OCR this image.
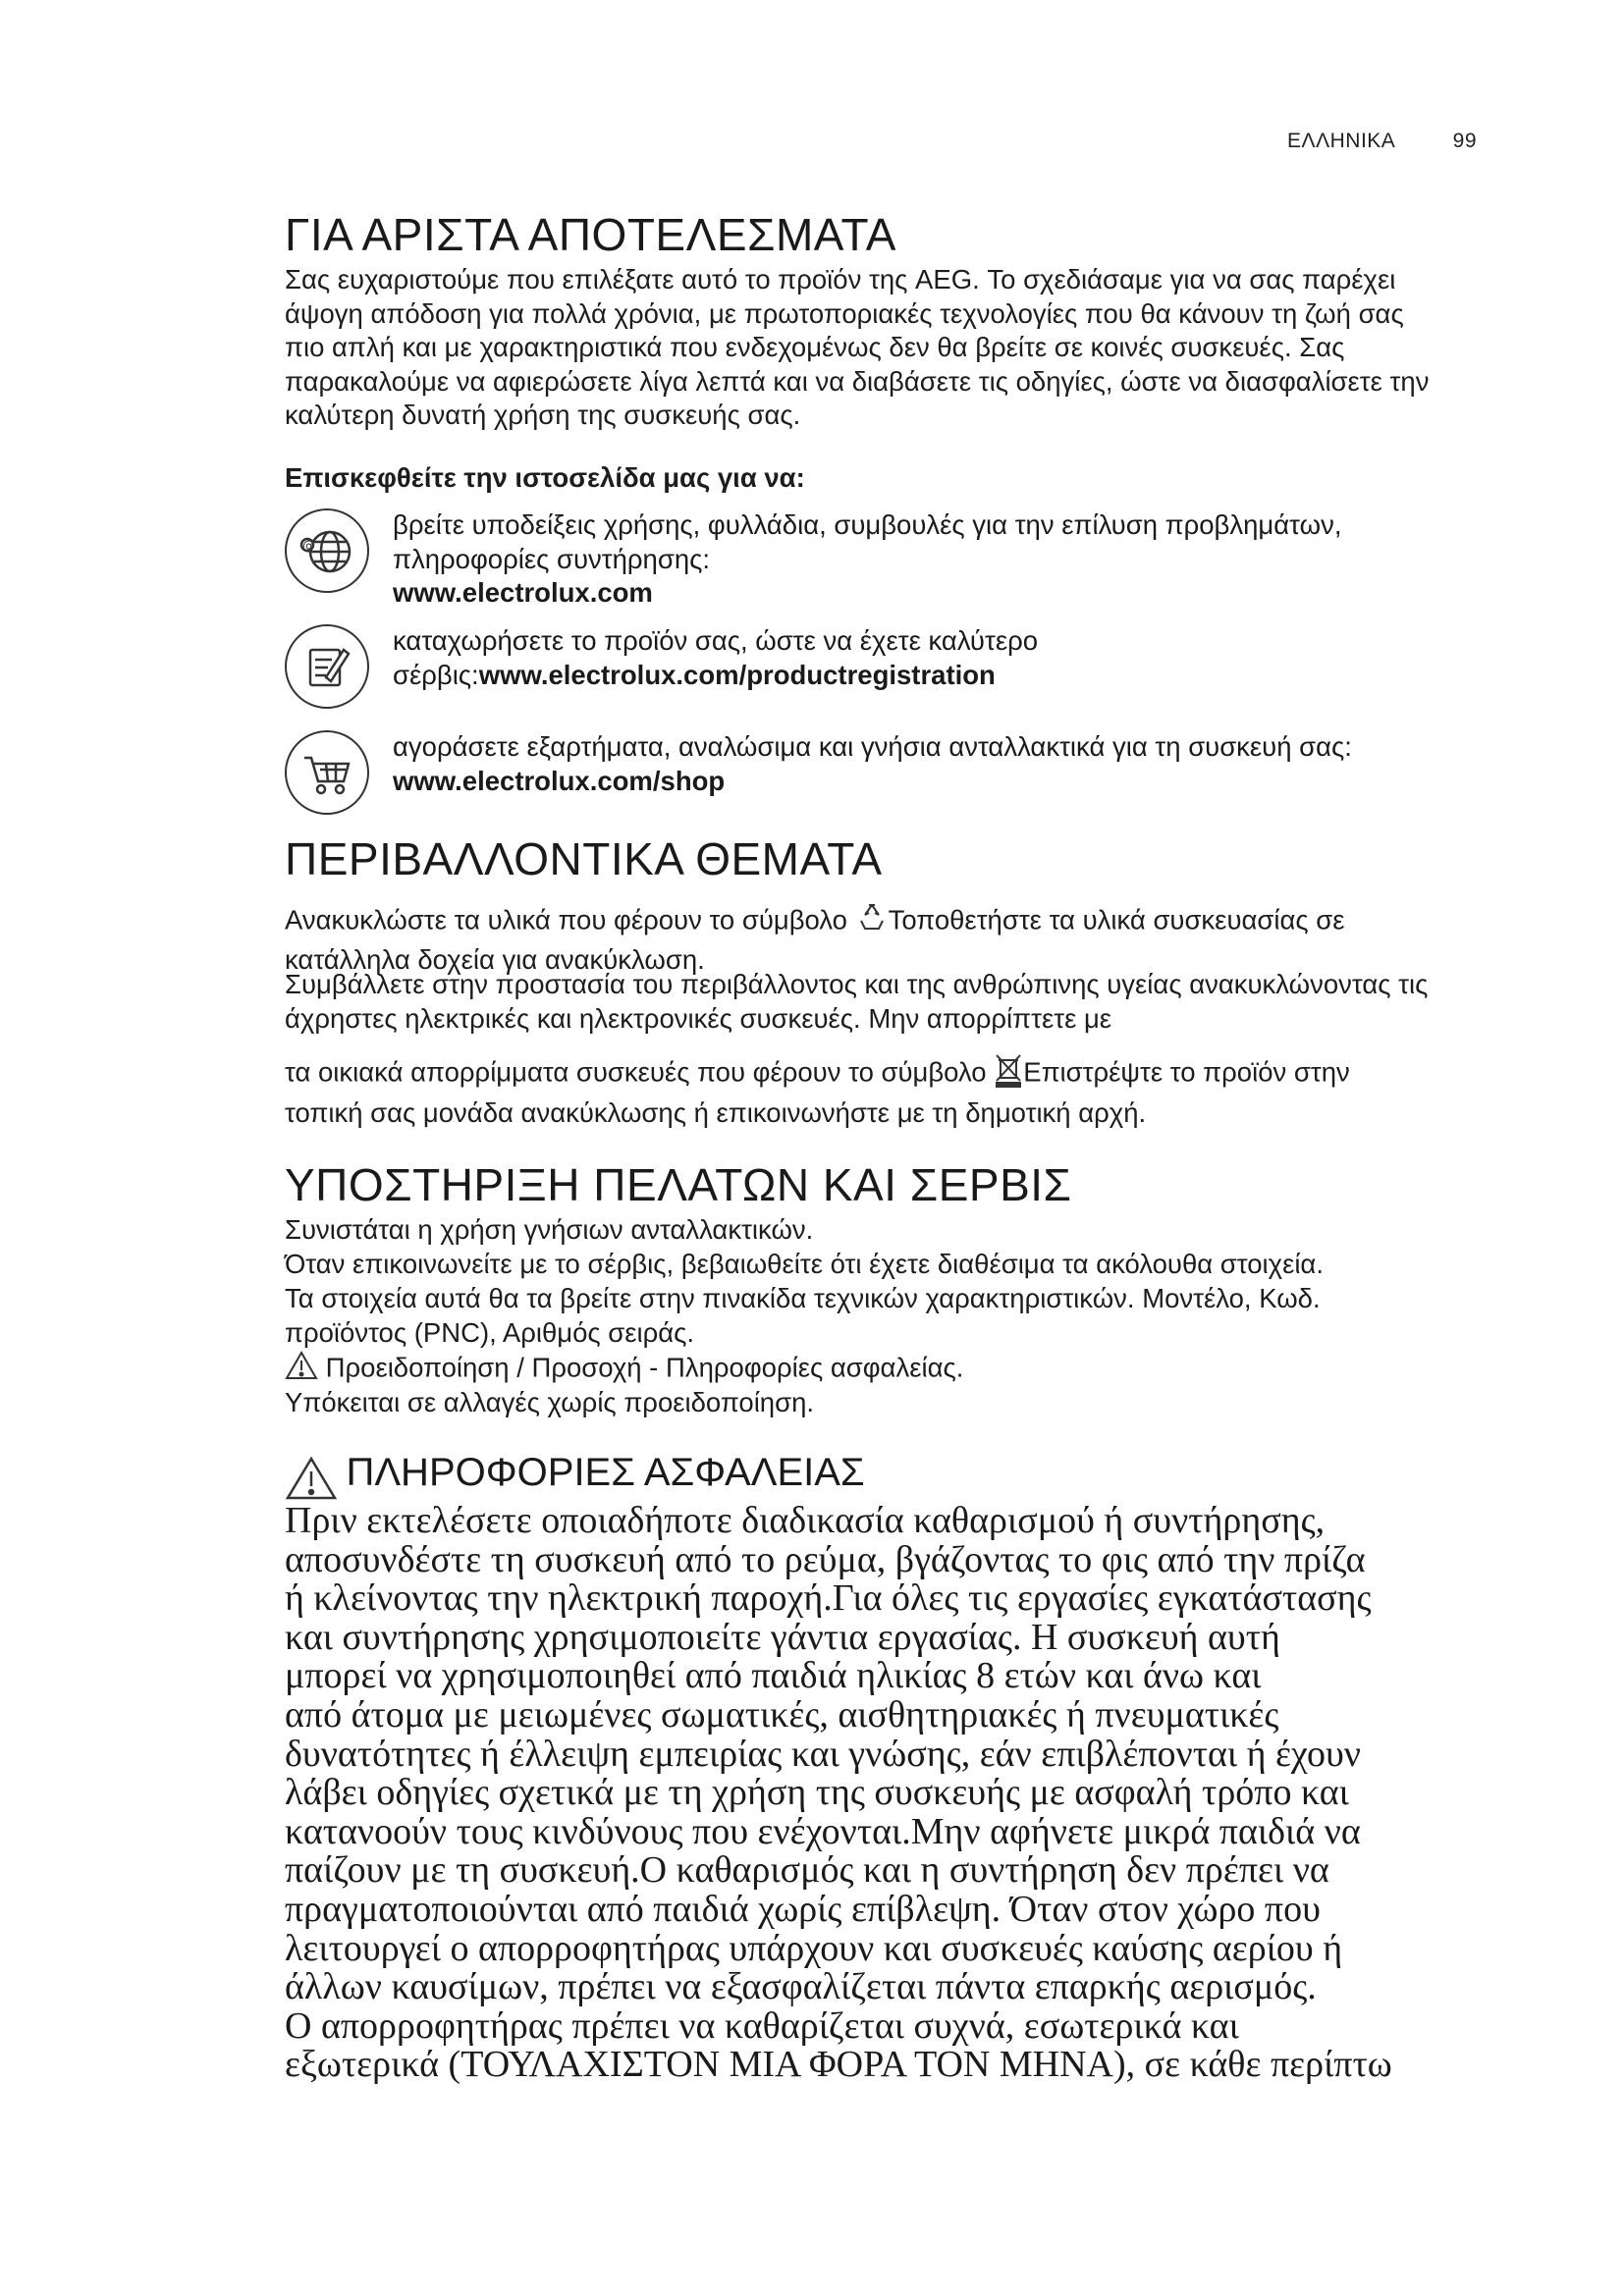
ΕΛΛΗΝΙΚΑ	99
ΓΙΑ ΑΡΙΣΤΑ ΑΠΟΤΕΛΕΣΜΑΤΑ

Σας ευχαριστούμε που επιλέξατε αυτό το προϊόν της AEG. Το σχεδιάσαμε για να σας παρέχει άψογη απόδοση για πολλά χρόνια, με πρωτοποριακές τεχνολογίες που θα κάνουν τη ζωή σας πιο απλή και με χαρακτηριστικά που ενδεχομένως δεν θα βρείτε σε κοινές συσκευές. Σας παρακαλούμε να αφιερώσετε λίγα λεπτά και να διαβάσετε τις οδηγίες, ώστε να διασφαλίσετε την καλύτερη δυνατή χρήση της συσκευής σας.

Επισκεφθείτε την ιστοσελίδα μας για να:

@
βρείτε υποδείξεις χρήσης, φυλλάδια, συμβουλές για την επίλυση προβλημάτων, πληροφορίες συντήρησης:
www.electrolux.com
καταχωρήσετε το προϊόν σας, ώστε να έχετε καλύτερο σέρβις:www.electrolux.com/productregistration
αγοράσετε εξαρτήματα, αναλώσιμα και γνήσια ανταλλακτικά για τη συσκευή σας:
www.electrolux.com/shop
ΠΕΡΙΒΑΛΛΟΝΤΙΚΑ ΘΕΜΑΤΑ

Ανακυκλώστε τα υλικά που φέρουν το σύμβολο Τοποθετήστε τα υλικά συσκευασίας σε κατάλληλα δοχεία για ανακύκλωση.

Συμβάλλετε στην προστασία του περιβάλλοντος και της ανθρώπινης υγείας ανακυκλώνοντας τις άχρηστες ηλεκτρικές και ηλεκτρονικές συσκευές. Μην απορρίπτετε με

τα οικιακά απορρίμματα συσκευές που φέρουν το σύμβολο Επιστρέψτε το προϊόν στην τοπική σας μονάδα ανακύκλωσης ή επικοινωνήστε με τη δημοτική αρχή.

ΥΠΟΣΤΗΡΙΞΗ ΠΕΛΑΤΩΝ ΚΑΙ ΣΕΡΒΙΣ

Συνιστάται η χρήση γνήσιων ανταλλακτικών.

Όταν επικοινωνείτε με το σέρβις, βεβαιωθείτε ότι έχετε διαθέσιμα τα ακόλουθα στοιχεία.

Τα στοιχεία αυτά θα τα βρείτε στην πινακίδα τεχνικών χαρακτηριστικών. Μοντέλο, Κωδ. προϊόντος (PNC), Αριθμός σειράς.

Προειδοποίηση / Προσοχή - Πληροφορίες ασφαλείας.

Υπόκειται σε αλλαγές χωρίς προειδοποίηση.

ΠΛΗΡΟΦΟΡΙΕΣ ΑΣΦΑΛΕΙΑΣ

Πριν εκτελέσετε οποιαδήποτε διαδικασία καθαρισμού ή συντήρησης,
αποσυνδέστε τη συσκευή από το ρεύμα, βγάζοντας το φις από την πρίζα
ή κλείνοντας την ηλεκτρική παροχή.Για όλες τις εργασίες εγκατάστασης
και συντήρησης χρησιμοποιείτε γάντια εργασίας. Η συσκευή αυτή
μπορεί να χρησιμοποιηθεί από παιδιά ηλικίας 8 ετών και άνω και
από άτομα με μειωμένες σωματικές, αισθητηριακές ή πνευματικές
δυνατότητες ή έλλειψη εμπειρίας και γνώσης, εάν επιβλέπονται ή έχουν
λάβει οδηγίες σχετικά με τη χρήση της συσκευής με ασφαλή τρόπο και
κατανοούν τους κινδύνους που ενέχονται.Μην αφήνετε μικρά παιδιά να
παίζουν με τη συσκευή.Ο καθαρισμός και η συντήρηση δεν πρέπει να
πραγματοποιούνται από παιδιά χωρίς επίβλεψη. Όταν στον χώρο που
λειτουργεί ο απορροφητήρας υπάρχουν και συσκευές καύσης αερίου ή
άλλων καυσίμων, πρέπει να εξασφαλίζεται πάντα επαρκής αερισμός.
Ο απορροφητήρας πρέπει να καθαρίζεται συχνά, εσωτερικά και
εξωτερικά (ΤΟΥΛΑΧΙΣΤΟΝ ΜΙΑ ΦΟΡΑ ΤΟΝ ΜΗΝΑ), σε κάθε περίπτω
